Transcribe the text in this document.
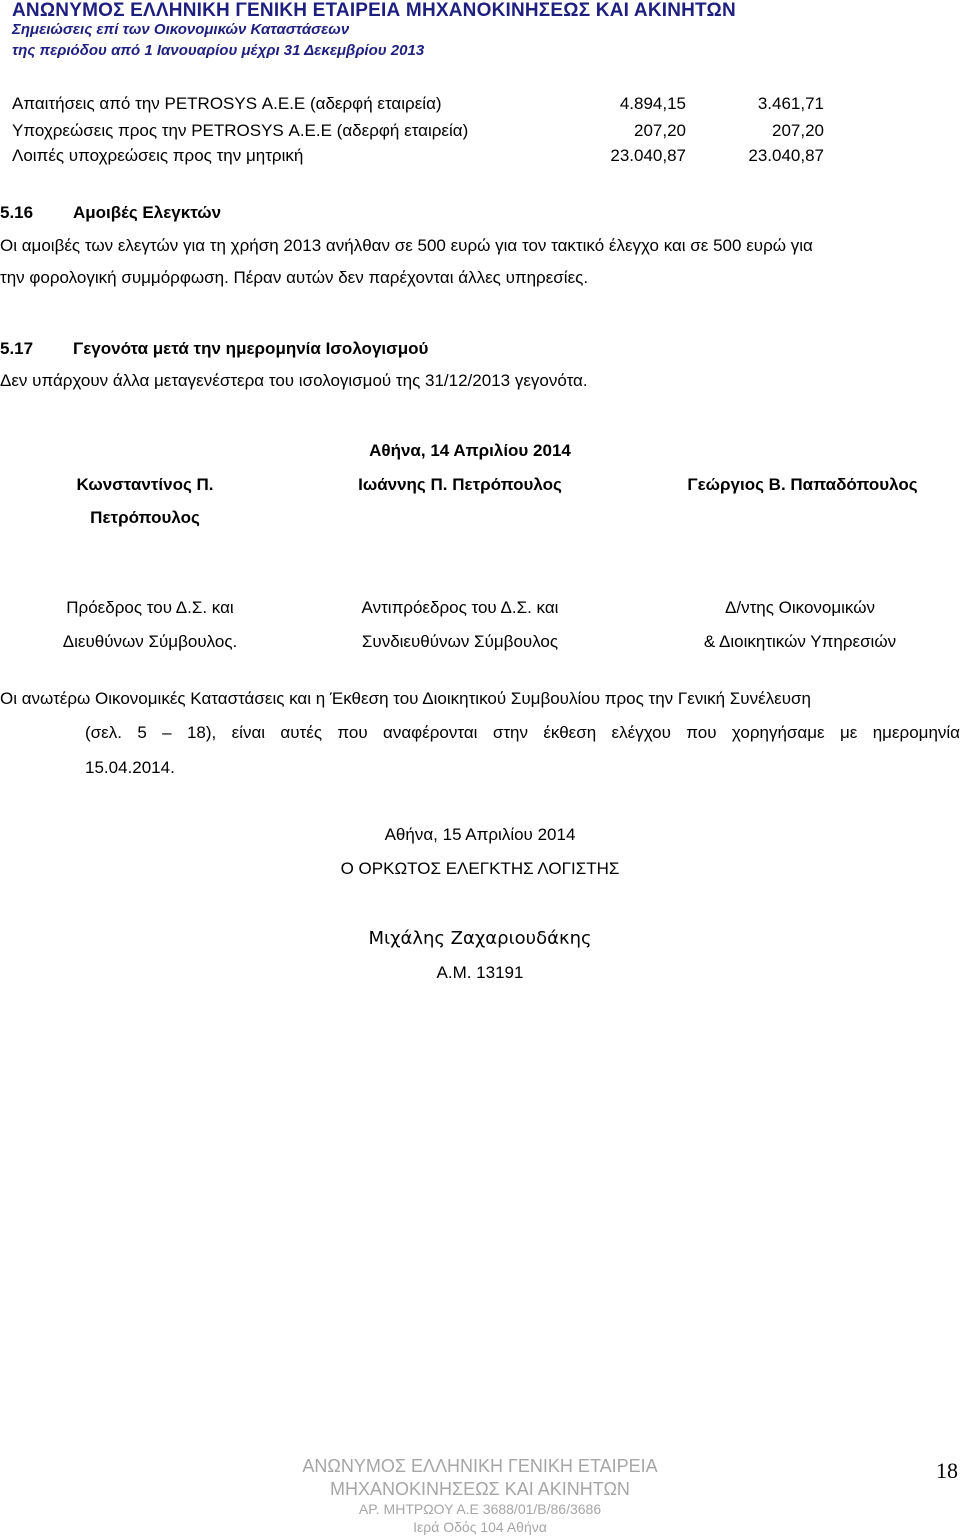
ΑΝΩΝΥΜΟΣ ΕΛΛΗΝΙΚΗ ΓΕΝΙΚΗ ΕΤΑΙΡΕΙΑ ΜΗΧΑΝΟΚΙΝΗΣΕΩΣ ΚΑΙ ΑΚΙΝΗΤΩΝ
Σημειώσεις επί των Οικονομικών Καταστάσεων
της περιόδου από 1 Ιανουαρίου μέχρι 31 Δεκεμβρίου 2013
Απαιτήσεις από την PETROSYS Α.Ε.Ε (αδερφή εταιρεία)	4.894,15	3.461,71
Υποχρεώσεις προς την PETROSYS Α.Ε.Ε (αδερφή εταιρεία)	207,20	207,20
Λοιπές υποχρεώσεις προς την μητρική	23.040,87	23.040,87
5.16 Αμοιβές Ελεγκτών
Οι αμοιβές των ελεγτών για τη χρήση 2013 ανήλθαν σε 500 ευρώ για τον τακτικό έλεγχο και σε 500 ευρώ για
την φορολογική συμμόρφωση. Πέραν αυτών δεν παρέχονται άλλες υπηρεσίες.
5.17 Γεγονότα μετά την ημερομηνία Ισολογισμού
Δεν υπάρχουν άλλα μεταγενέστερα του ισολογισμού της 31/12/2013 γεγονότα.
Αθήνα, 14 Απριλίου 2014
Κωνσταντίνος Π.
Πετρόπουλος
Ιωάννης Π. Πετρόπουλος	Γεώργιος Β. Παπαδόπουλος
Πρόεδρος του Δ.Σ. και
Διευθύνων Σύμβουλος.
Αντιπρόεδρος του Δ.Σ. και
Συνδιευθύνων Σύμβουλος
Δ/ντης Οικονομικών
& Διοικητικών Υπηρεσιών
Οι ανωτέρω Οικονομικές Καταστάσεις και η Έκθεση του Διοικητικού Συμβουλίου προς την Γενική Συνέλευση
(σελ. 5 – 18), είναι αυτές που αναφέρονται στην έκθεση ελέγχου που χορηγήσαμε με ημερομηνία
15.04.2014.
Αθήνα, 15 Απριλίου 2014
Ο ΟΡΚΩΤΟΣ ΕΛΕΓΚΤΗΣ ΛΟΓΙΣΤΗΣ
Μιχάλης Ζαχαριουδάκης
Α.Μ. 13191
ΑΝΩΝΥΜΟΣ ΕΛΛΗΝΙΚΗ ΓΕΝΙΚΗ ΕΤΑΙΡΕΙΑ
ΜΗΧΑΝΟΚΙΝΗΣΕΩΣ ΚΑΙ ΑΚΙΝΗΤΩΝ
ΑΡ. ΜΗΤΡΩΟΥ Α.Ε 3688/01/Β/86/3686
Ιερά Οδός 104 Αθήνα
18
